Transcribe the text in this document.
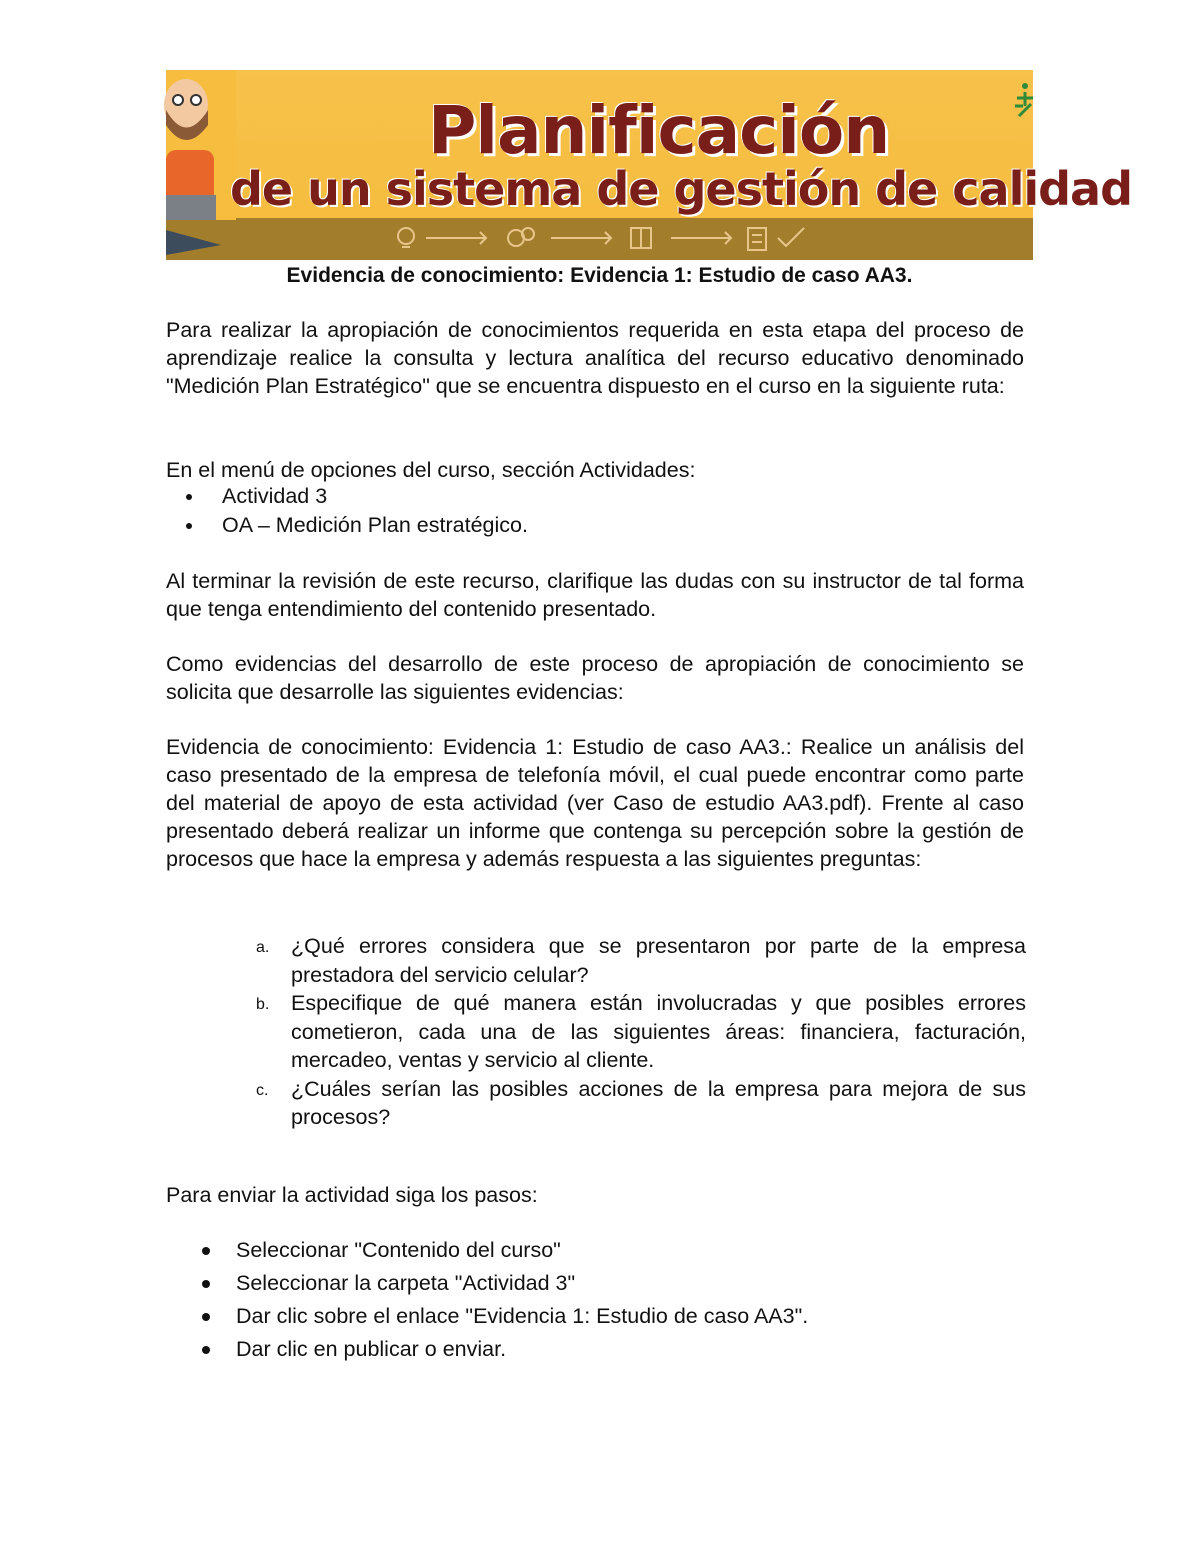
Planificación
de un sistema de gestión de calidad
Evidencia de conocimiento: Evidencia 1: Estudio de caso AA3.

Para realizar la apropiación de conocimientos requerida en esta etapa del proceso de aprendizaje realice la consulta y lectura analítica del recurso educativo denominado "Medición Plan Estratégico" que se encuentra dispuesto en el curso en la siguiente ruta:

En el menú de opciones del curso, sección Actividades:

Actividad 3
OA – Medición Plan estratégico.

Al terminar la revisión de este recurso, clarifique las dudas con su instructor de tal forma que tenga entendimiento del contenido presentado.

Como evidencias del desarrollo de este proceso de apropiación de conocimiento se solicita que desarrolle las siguientes evidencias:

Evidencia de conocimiento: Evidencia 1: Estudio de caso AA3.: Realice un análisis del caso presentado de la empresa de telefonía móvil, el cual puede encontrar como parte del material de apoyo de esta actividad (ver Caso de estudio AA3.pdf). Frente al caso presentado deberá realizar un informe que contenga su percepción sobre la gestión de procesos que hace la empresa y además respuesta a las siguientes preguntas:

a. ¿Qué errores considera que se presentaron por parte de la empresa prestadora del servicio celular?
b. Especifique de qué manera están involucradas y que posibles errores cometieron, cada una de las siguientes áreas: financiera, facturación, mercadeo, ventas y servicio al cliente.
c. ¿Cuáles serían las posibles acciones de la empresa para mejora de sus procesos?

Para enviar la actividad siga los pasos:

Seleccionar "Contenido del curso"
Seleccionar la carpeta "Actividad 3"
Dar clic sobre el enlace "Evidencia 1: Estudio de caso AA3".
Dar clic en publicar o enviar.
